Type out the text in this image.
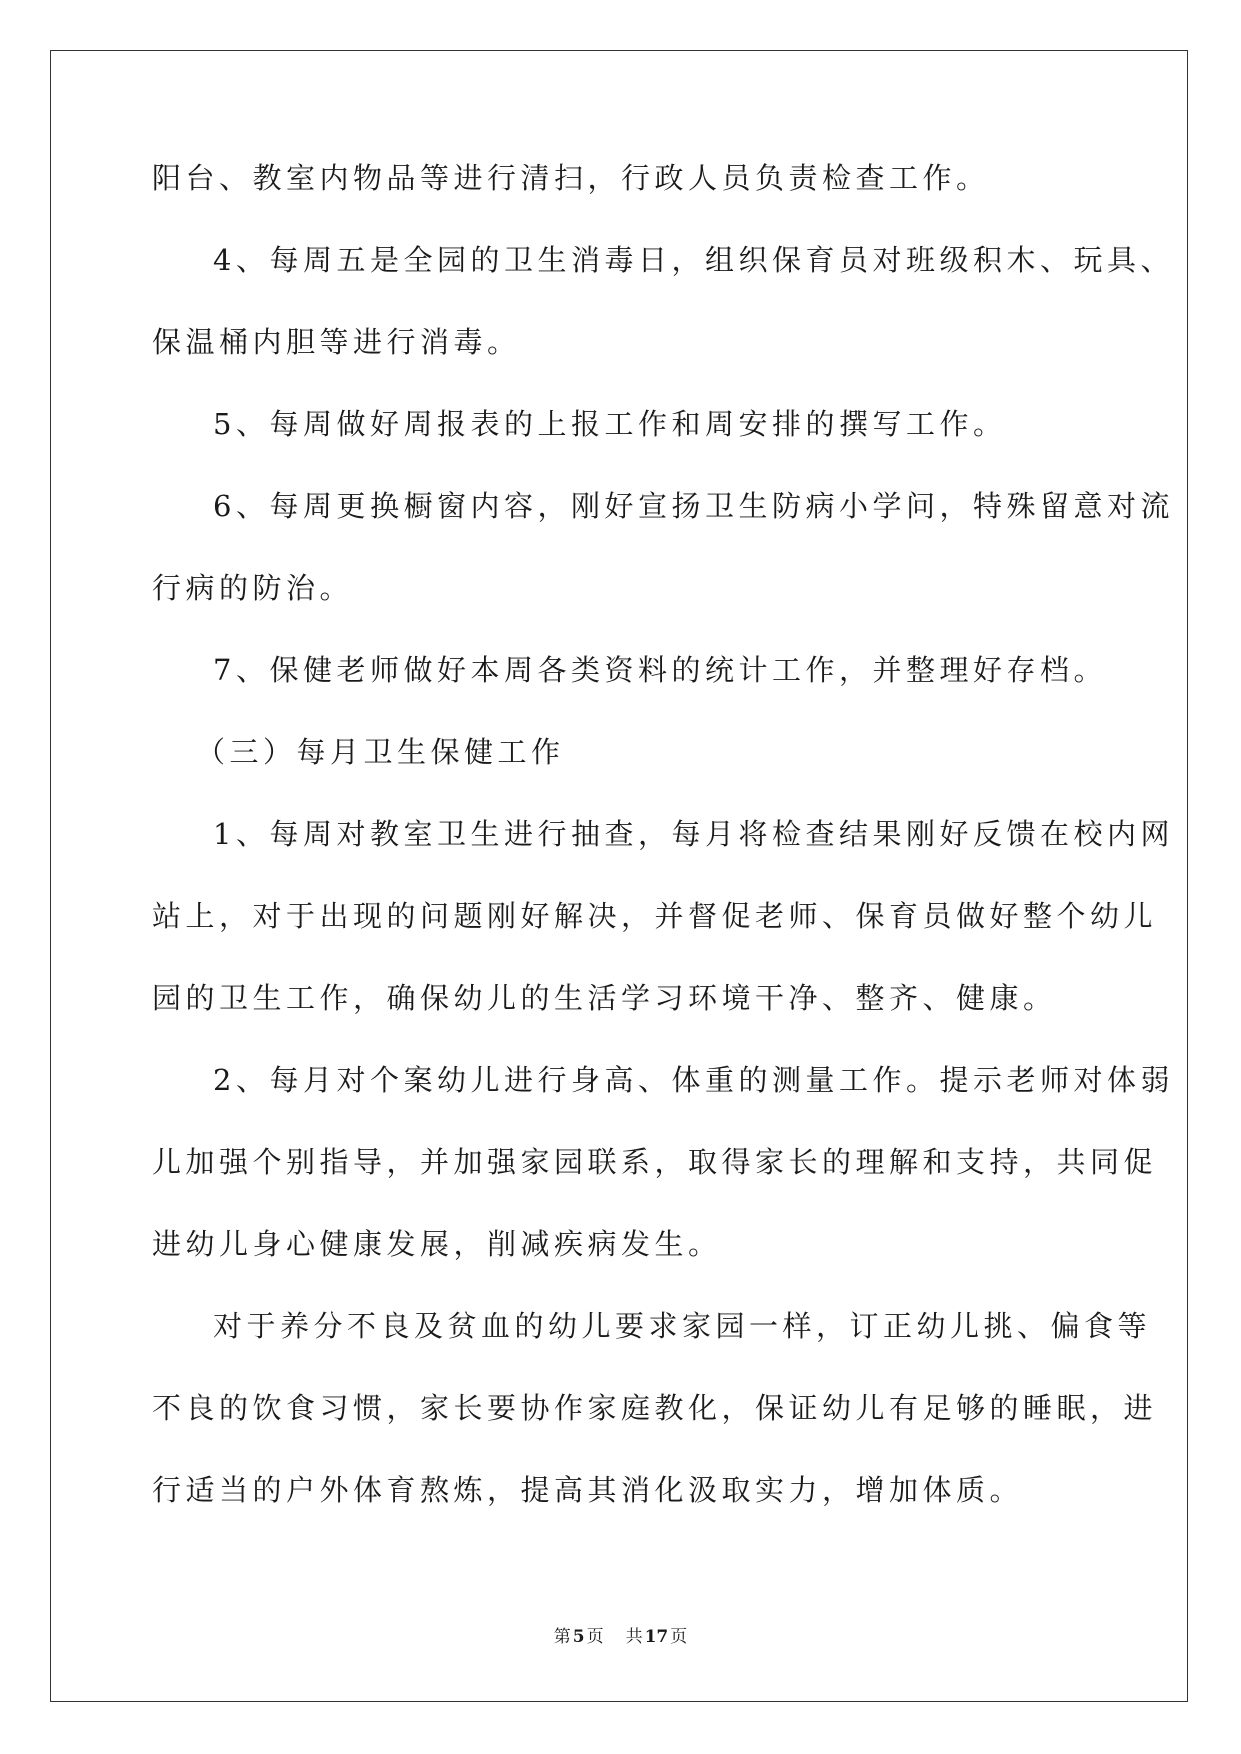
阳台、教室内物品等进行清扫，行政人员负责检查工作。
4、每周五是全园的卫生消毒日，组织保育员对班级积木、玩具、
保温桶内胆等进行消毒。
5、每周做好周报表的上报工作和周安排的撰写工作。
6、每周更换橱窗内容，刚好宣扬卫生防病小学问，特殊留意对流
行病的防治。
7、保健老师做好本周各类资料的统计工作，并整理好存档。
（三）每月卫生保健工作
1、每周对教室卫生进行抽查，每月将检查结果刚好反馈在校内网
站上，对于出现的问题刚好解决，并督促老师、保育员做好整个幼儿
园的卫生工作，确保幼儿的生活学习环境干净、整齐、健康。
2、每月对个案幼儿进行身高、体重的测量工作。提示老师对体弱
儿加强个别指导，并加强家园联系，取得家长的理解和支持，共同促
进幼儿身心健康发展，削减疾病发生。
对于养分不良及贫血的幼儿要求家园一样，订正幼儿挑、偏食等
不良的饮食习惯，家长要协作家庭教化，保证幼儿有足够的睡眠，进
行适当的户外体育熬炼，提高其消化汲取实力，增加体质。
第 5 页 共 17 页
